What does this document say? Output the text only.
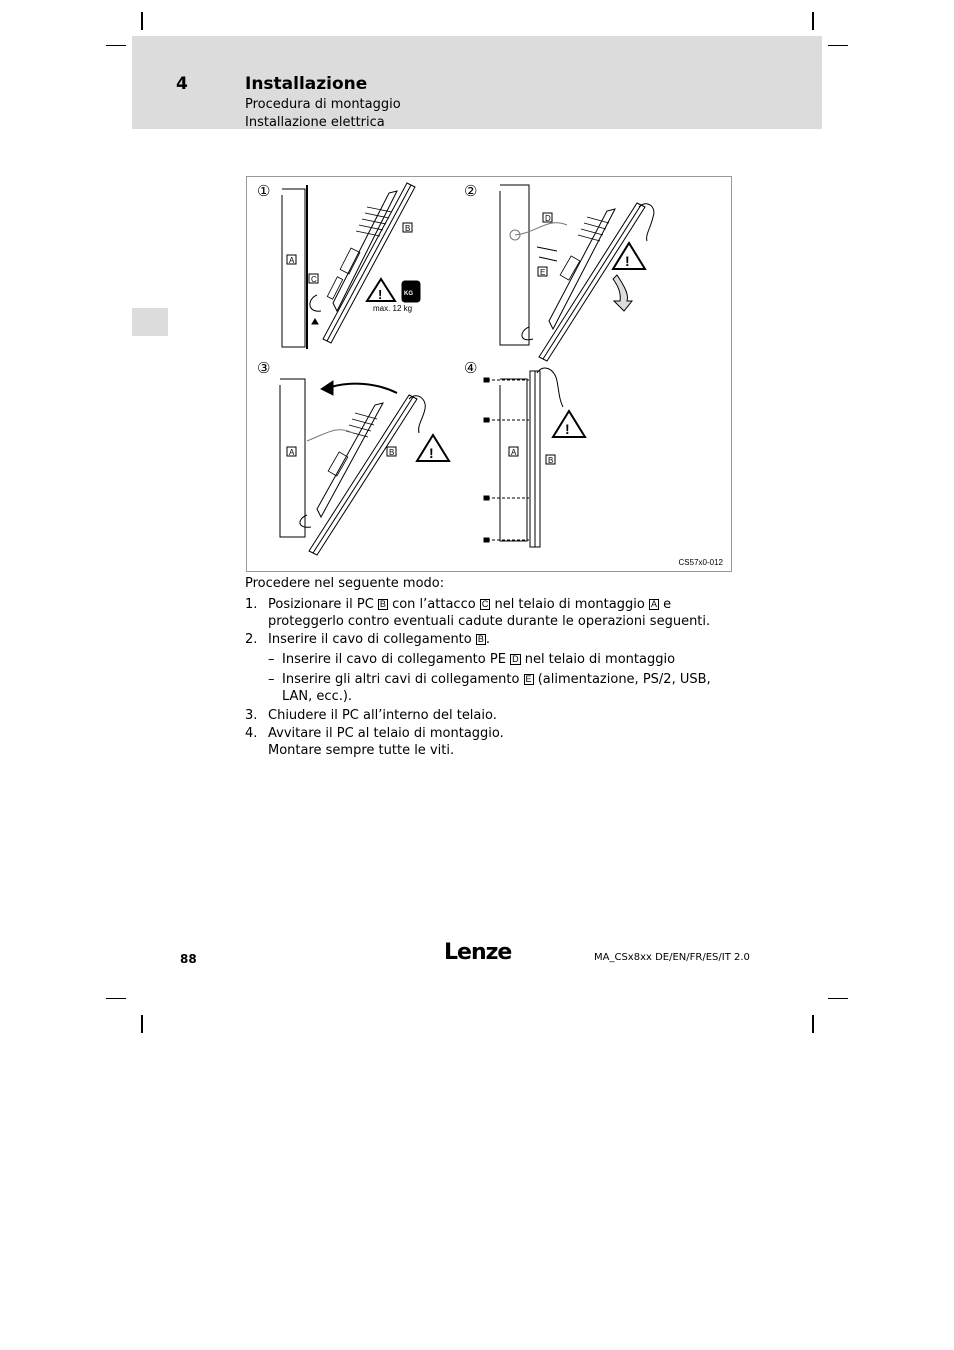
4	Installazione
Procedura di montaggio
Installazione elettrica
①
A
C
B
!	KG
②
D
E
!
③
A	B !
④
A
B
!
max. 12 kg
CS57x0-012

Procedere nel seguente modo:

1. Posizionare il PC B con l’attacco C nel telaio di montaggio A e proteggerlo contro eventuali cadute durante le operazioni seguenti.
2. Inserire il cavo di collegamento B .
– Inserire il cavo di collegamento PE D nel telaio di montaggio
– Inserire gli altri cavi di collegamento E (alimentazione, PS/2, USB, LAN, ecc.).
3. Chiudere il PC all’interno del telaio.
4. Avvitare il PC al telaio di montaggio.
Montare sempre tutte le viti.
88	Lenze	MA_CSx8xx DE/EN/FR/ES/IT 2.0
